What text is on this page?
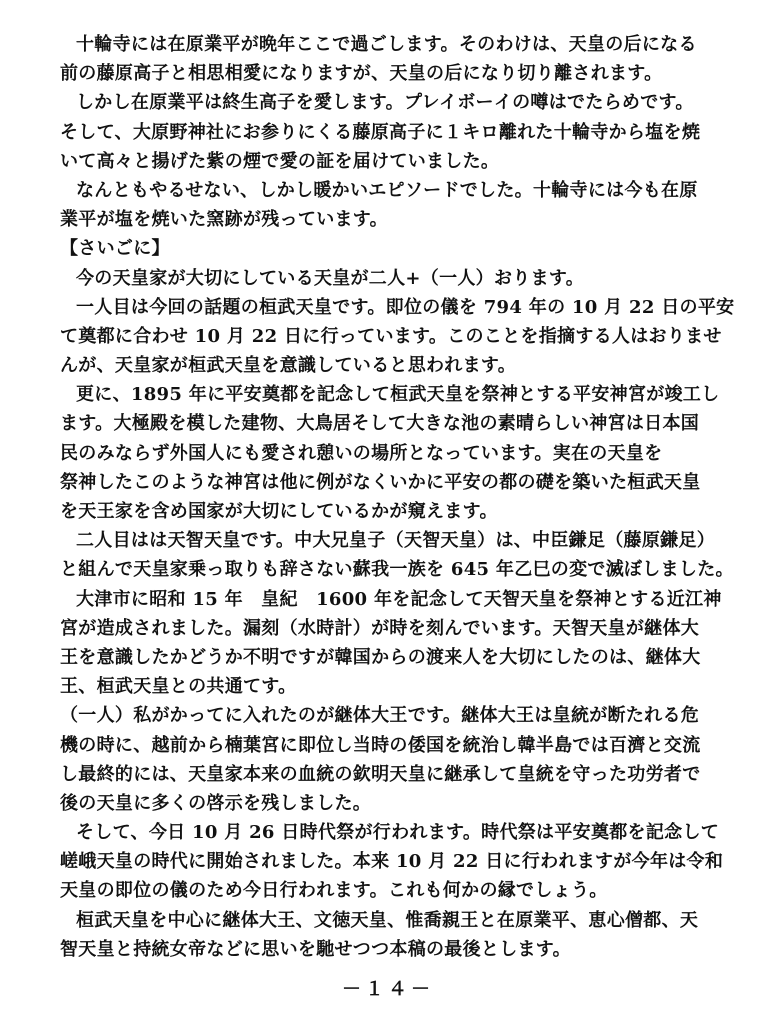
十輪寺には在原業平が晩年ここで過ごします。そのわけは、天皇の后になる
前の藤原高子と相思相愛になりますが、天皇の后になり切り離されます。
しかし在原業平は終生高子を愛します。プレイボーイの噂はでたらめです。
そして、大原野神社にお参りにくる藤原高子に１キロ離れた十輪寺から塩を焼
いて高々と揚げた紫の煙で愛の証を届けていました。
なんともやるせない、しかし暖かいエピソードでした。十輪寺には今も在原
業平が塩を焼いた窯跡が残っています。
【さいごに】
今の天皇家が大切にしている天皇が二人+（一人）おります。
一人目は今回の話題の桓武天皇です。即位の儀を 794 年の 10 月 22 日の平安
て奠都に合わせ 10 月 22 日に行っています。このことを指摘する人はおりませ
んが、天皇家が桓武天皇を意識していると思われます。
更に、1895 年に平安奠都を記念して桓武天皇を祭神とする平安神宮が竣工し
ます。大極殿を模した建物、大鳥居そして大きな池の素晴らしい神宮は日本国
民のみならず外国人にも愛され憩いの場所となっています。実在の天皇を
祭神したこのような神宮は他に例がなくいかに平安の都の礎を築いた桓武天皇
を天王家を含め国家が大切にしているかが窺えます。
二人目はは天智天皇です。中大兄皇子（天智天皇）は、中臣鎌足（藤原鎌足）
と組んで天皇家乗っ取りも辞さない蘇我一族を 645 年乙巳の変で滅ぼしました。
大津市に昭和 15 年　皇紀　1600 年を記念して天智天皇を祭神とする近江神
宮が造成されました。漏刻（水時計）が時を刻んでいます。天智天皇が継体大
王を意識したかどうか不明ですが韓国からの渡来人を大切にしたのは、継体大
王、桓武天皇との共通てす。
（一人）私がかってに入れたのが継体大王です。継体大王は皇統が断たれる危
機の時に、越前から楠葉宮に即位し当時の倭国を統治し韓半島では百濟と交流
し最終的には、天皇家本来の血統の欽明天皇に継承して皇統を守った功労者で
後の天皇に多くの啓示を残しました。
そして、今日 10 月 26 日時代祭が行われます。時代祭は平安奠都を記念して
嵯峨天皇の時代に開始されました。本来 10 月 22 日に行われますが今年は令和
天皇の即位の儀のため今日行われます。これも何かの縁でしょう。
桓武天皇を中心に継体大王、文徳天皇、惟喬親王と在原業平、恵心僧都、天
智天皇と持統女帝などに思いを馳せつつ本稿の最後とします。
－１４－
